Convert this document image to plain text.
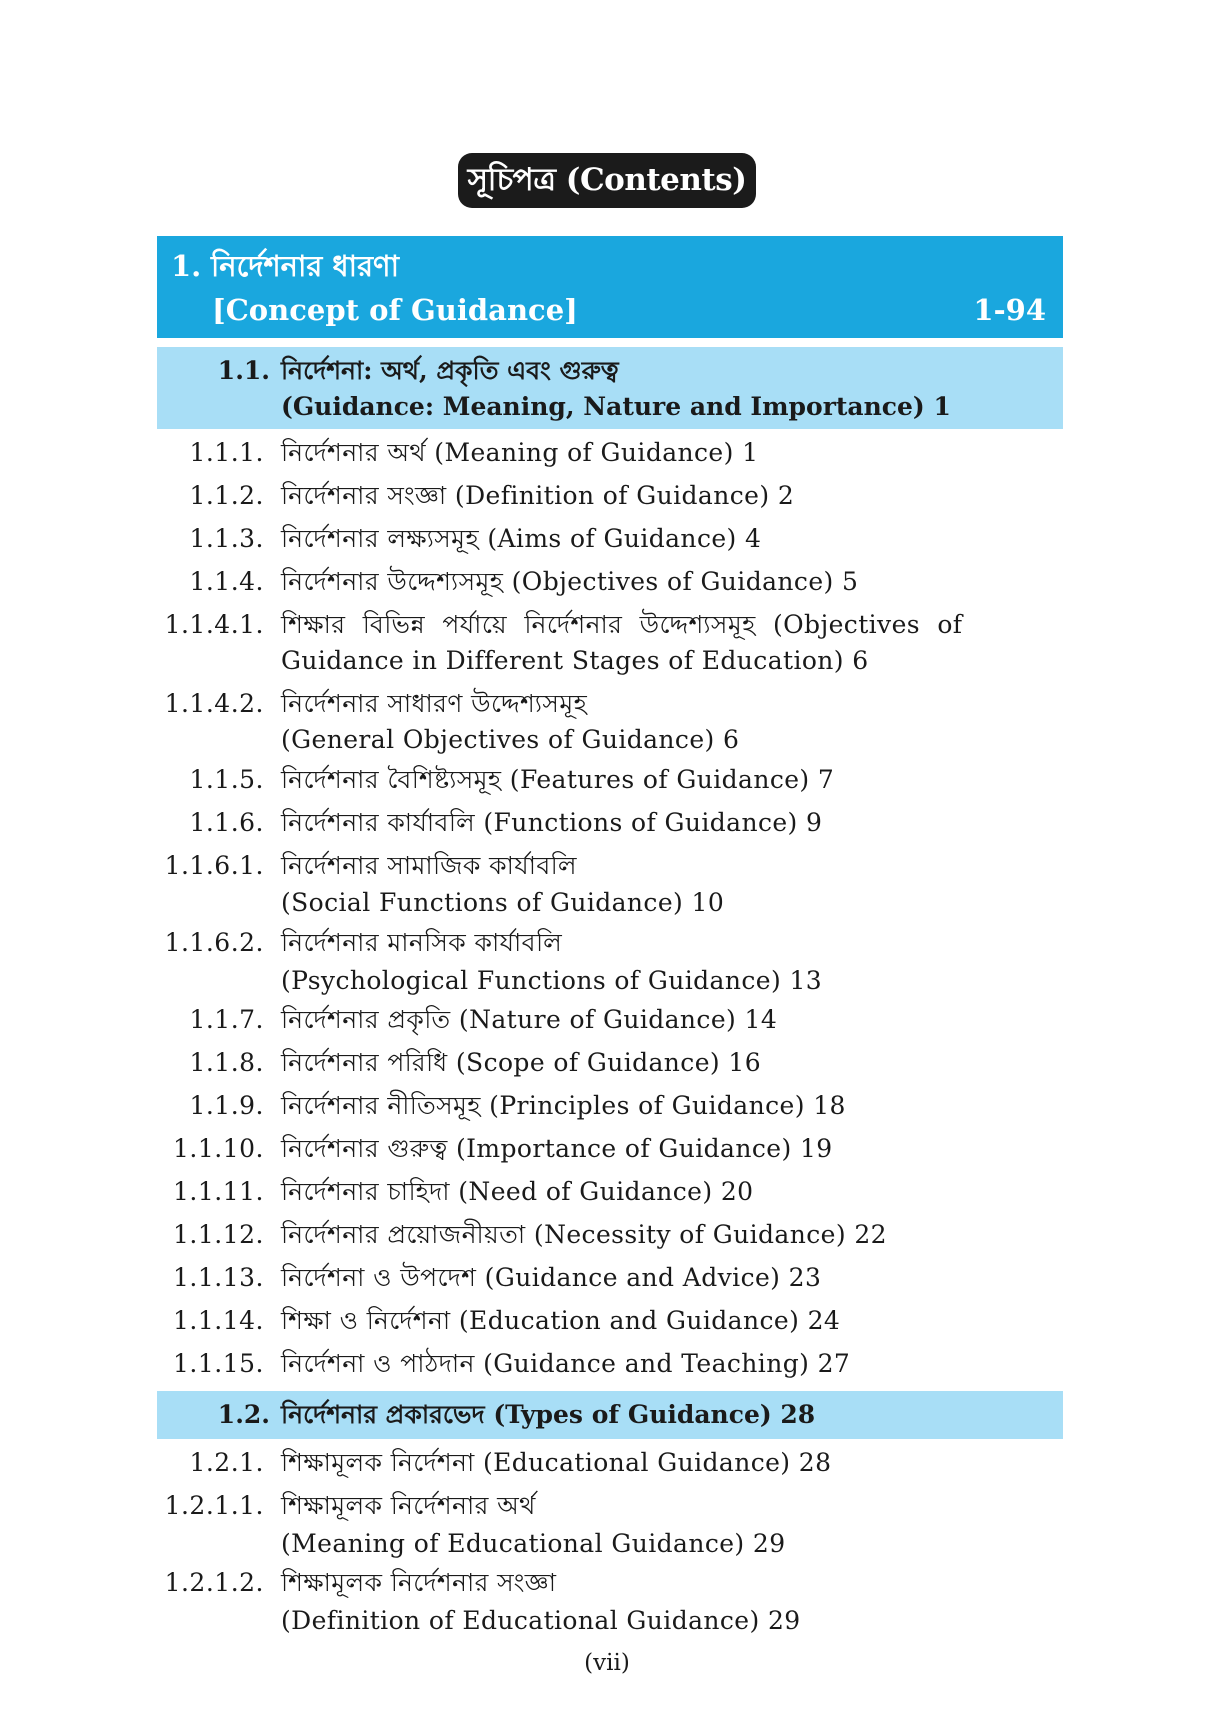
সূচিপত্র (Contents)
1. নির্দেশনার ধারণা
[Concept of Guidance]	1-94
1.1. নির্দেশনা: অর্থ, প্রকৃতি এবং গুরুত্ব
(Guidance: Meaning, Nature and Importance) 1
1.1.1. নির্দেশনার অর্থ (Meaning of Guidance) 1
1.1.2. নির্দেশনার সংজ্ঞা (Definition of Guidance) 2
1.1.3. নির্দেশনার লক্ষ্যসমূহ (Aims of Guidance) 4
1.1.4. নির্দেশনার উদ্দেশ্যসমূহ (Objectives of Guidance) 5
1.1.4.1. শিক্ষার বিভিন্ন পর্যায়ে নির্দেশনার উদ্দেশ্যসমূহ (Objectives of
Guidance in Different Stages of Education) 6
1.1.4.2. নির্দেশনার সাধারণ উদ্দেশ্যসমূহ
(General Objectives of Guidance) 6
1.1.5. নির্দেশনার বৈশিষ্ট্যসমূহ (Features of Guidance) 7
1.1.6. নির্দেশনার কার্যাবলি (Functions of Guidance) 9
1.1.6.1. নির্দেশনার সামাজিক কার্যাবলি
(Social Functions of Guidance) 10
1.1.6.2. নির্দেশনার মানসিক কার্যাবলি
(Psychological Functions of Guidance) 13
1.1.7. নির্দেশনার প্রকৃতি (Nature of Guidance) 14
1.1.8. নির্দেশনার পরিধি (Scope of Guidance) 16
1.1.9. নির্দেশনার নীতিসমূহ (Principles of Guidance) 18
1.1.10. নির্দেশনার গুরুত্ব (Importance of Guidance) 19
1.1.11. নির্দেশনার চাহিদা (Need of Guidance) 20
1.1.12. নির্দেশনার প্রয়োজনীয়তা (Necessity of Guidance) 22
1.1.13. নির্দেশনা ও উপদেশ (Guidance and Advice) 23
1.1.14. শিক্ষা ও নির্দেশনা (Education and Guidance) 24
1.1.15. নির্দেশনা ও পাঠদান (Guidance and Teaching) 27
1.2. নির্দেশনার প্রকারভেদ (Types of Guidance) 28
1.2.1. শিক্ষামূলক নির্দেশনা (Educational Guidance) 28
1.2.1.1. শিক্ষামূলক নির্দেশনার অর্থ
(Meaning of Educational Guidance) 29
1.2.1.2. শিক্ষামূলক নির্দেশনার সংজ্ঞা
(Definition of Educational Guidance) 29
(vii)
